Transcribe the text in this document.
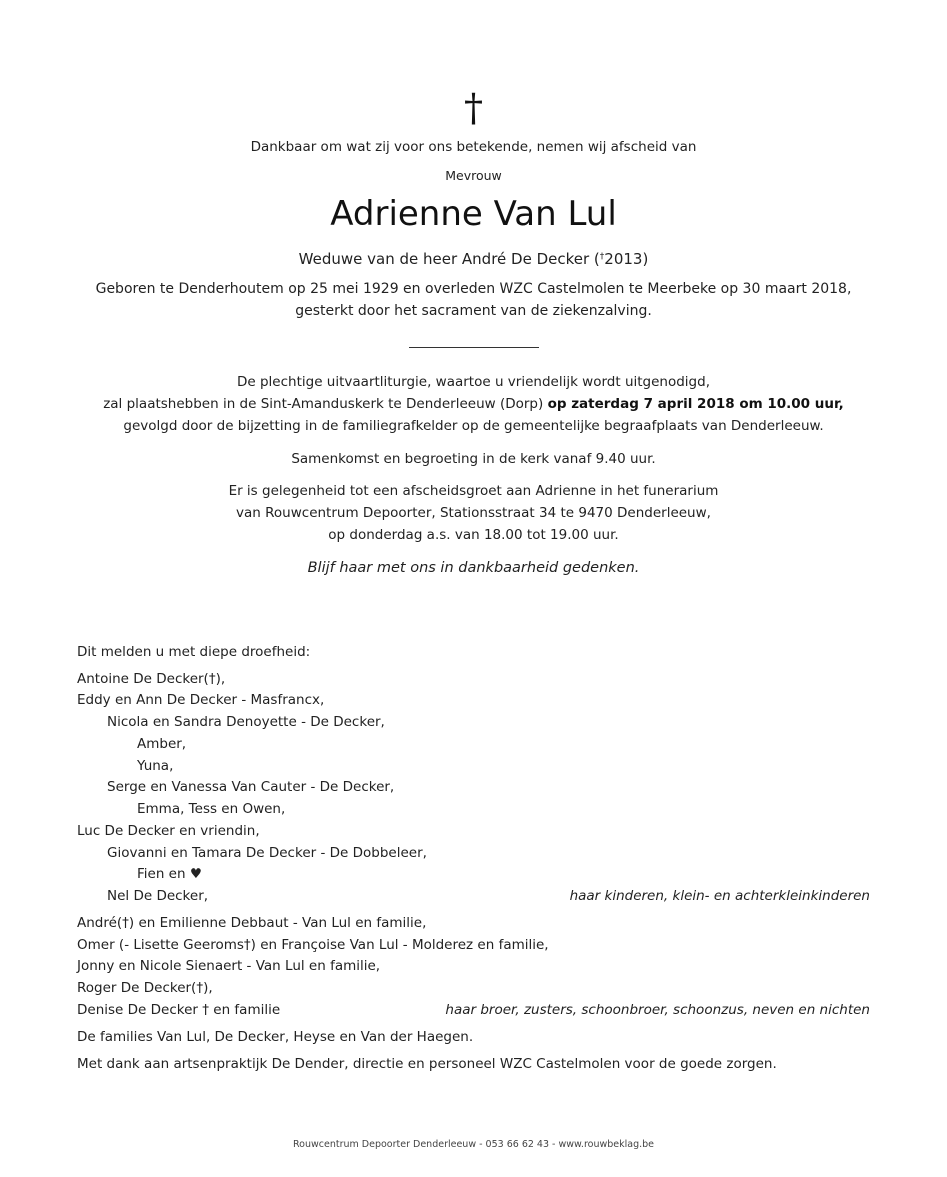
†
Dankbaar om wat zij voor ons betekende, nemen wij afscheid van
Mevrouw
Adrienne Van Lul
Weduwe van de heer André De Decker (†2013)
Geboren te Denderhoutem op 25 mei 1929 en overleden WZC Castelmolen te Meerbeke op 30 maart 2018,
gesterkt door het sacrament van de ziekenzalving.
De plechtige uitvaartliturgie, waartoe u vriendelijk wordt uitgenodigd,
zal plaatshebben in de Sint-Amanduskerk te Denderleeuw (Dorp) op zaterdag 7 april 2018 om 10.00 uur,
gevolgd door de bijzetting in de familiegrafkelder op de gemeentelijke begraafplaats van Denderleeuw.
Samenkomst en begroeting in de kerk vanaf 9.40 uur.
Er is gelegenheid tot een afscheidsgroet aan Adrienne in het funerarium
van Rouwcentrum Depoorter, Stationsstraat 34 te 9470 Denderleeuw,
op donderdag a.s. van 18.00 tot 19.00 uur.
Blijf haar met ons in dankbaarheid gedenken.
Dit melden u met diepe droefheid:
Antoine De Decker(†),
Eddy en Ann De Decker - Masfrancx,
Nicola en Sandra Denoyette - De Decker,
Amber,
Yuna,
Serge en Vanessa Van Cauter - De Decker,
Emma, Tess en Owen,
Luc De Decker en vriendin,
Giovanni en Tamara De Decker - De Dobbeleer,
Fien en ♥
Nel De Decker,	haar kinderen, klein- en achterkleinkinderen
André(†) en Emilienne Debbaut - Van Lul en familie,
Omer (- Lisette Geeroms†) en Françoise Van Lul - Molderez en familie,
Jonny en Nicole Sienaert - Van Lul en familie,
Roger De Decker(†),
Denise De Decker † en familie	haar broer, zusters, schoonbroer, schoonzus, neven en nichten
De families Van Lul, De Decker, Heyse en Van der Haegen.
Met dank aan artsenpraktijk De Dender, directie en personeel WZC Castelmolen voor de goede zorgen.
Rouwcentrum Depoorter Denderleeuw - 053 66 62 43 - www.rouwbeklag.be
